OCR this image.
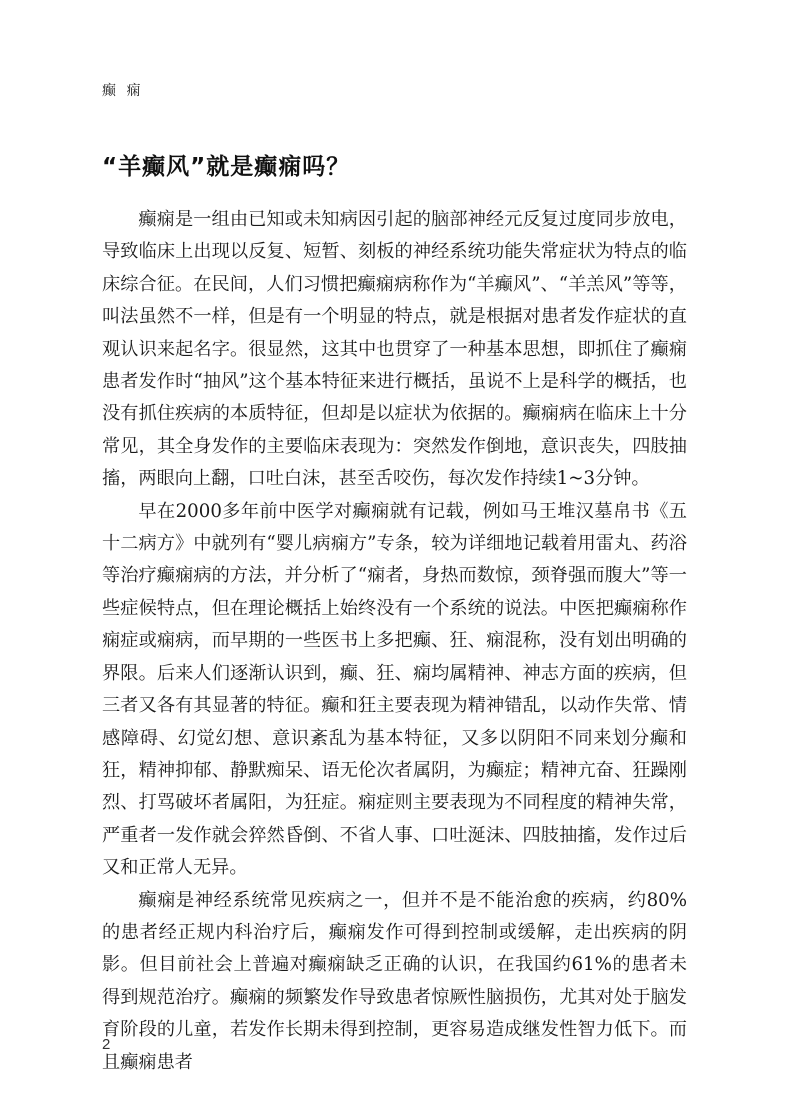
癫 痫
“羊癫风”就是癫痫吗？

癫痫是一组由已知或未知病因引起的脑部神经元反复过度同步放电，导致临床上出现以反复、短暂、刻板的神经系统功能失常症状为特点的临床综合征。在民间，人们习惯把癫痫病称作为“羊癫风”、“羊羔风”等等，叫法虽然不一样，但是有一个明显的特点，就是根据对患者发作症状的直观认识来起名字。很显然，这其中也贯穿了一种基本思想，即抓住了癫痫患者发作时“抽风”这个基本特征来进行概括，虽说不上是科学的概括，也没有抓住疾病的本质特征，但却是以症状为依据的。癫痫病在临床上十分常见，其全身发作的主要临床表现为：突然发作倒地，意识丧失，四肢抽搐，两眼向上翻，口吐白沫，甚至舌咬伤，每次发作持续1~3分钟。

早在2000多年前中医学对癫痫就有记载，例如马王堆汉墓帛书《五十二病方》中就列有“婴儿病痫方”专条，较为详细地记载着用雷丸、药浴等治疗癫痫病的方法，并分析了“痫者，身热而数惊，颈脊强而腹大”等一些症候特点，但在理论概括上始终没有一个系统的说法。中医把癫痫称作痫症或痫病，而早期的一些医书上多把癫、狂、痫混称，没有划出明确的界限。后来人们逐渐认识到，癫、狂、痫均属精神、神志方面的疾病，但三者又各有其显著的特征。癫和狂主要表现为精神错乱，以动作失常、情感障碍、幻觉幻想、意识紊乱为基本特征，又多以阴阳不同来划分癫和狂，精神抑郁、静默痴呆、语无伦次者属阴，为癫症；精神亢奋、狂躁刚烈、打骂破坏者属阳，为狂症。痫症则主要表现为不同程度的精神失常，严重者一发作就会猝然昏倒、不省人事、口吐涎沫、四肢抽搐，发作过后又和正常人无异。

癫痫是神经系统常见疾病之一，但并不是不能治愈的疾病，约80%的患者经正规内科治疗后，癫痫发作可得到控制或缓解，走出疾病的阴影。但目前社会上普遍对癫痫缺乏正确的认识，在我国约61%的患者未得到规范治疗。癫痫的频繁发作导致患者惊厥性脑损伤，尤其对处于脑发育阶段的儿童，若发作长期未得到控制，更容易造成继发性智力低下。而且癫痫患者

2
